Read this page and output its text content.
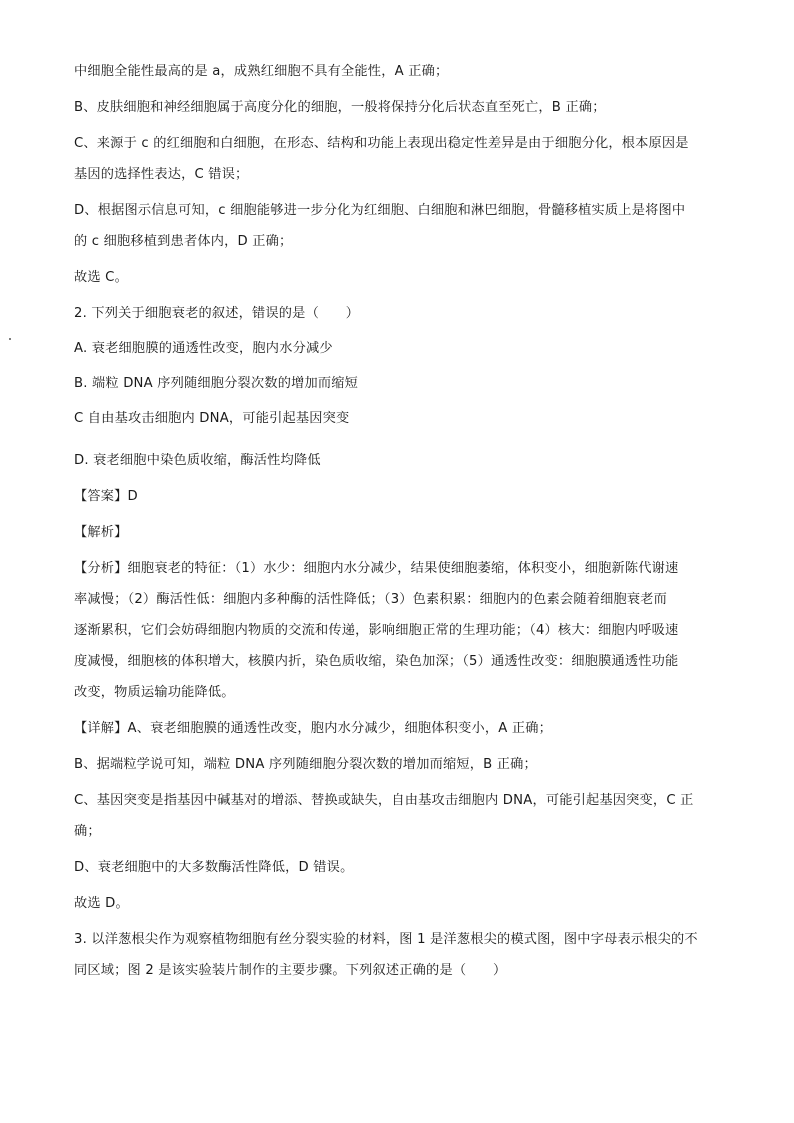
中细胞全能性最高的是 a，成熟红细胞不具有全能性，A 正确；
B、皮肤细胞和神经细胞属于高度分化的细胞，一般将保持分化后状态直至死亡，B 正确；
C、来源于 c 的红细胞和白细胞，在形态、结构和功能上表现出稳定性差异是由于细胞分化，根本原因是
基因的选择性表达，C 错误；
D、根据图示信息可知，c 细胞能够进一步分化为红细胞、白细胞和淋巴细胞，骨髓移植实质上是将图中
的 c 细胞移植到患者体内，D 正确；
故选 C。
2. 下列关于细胞衰老的叙述，错误的是（　　）
A. 衰老细胞膜的通透性改变，胞内水分减少
B. 端粒 DNA 序列随细胞分裂次数的增加而缩短
C 自由基攻击细胞内 DNA，可能引起基因突变
D. 衰老细胞中染色质收缩，酶活性均降低
【答案】D
【解析】
【分析】细胞衰老的特征：（1）水少：细胞内水分减少，结果使细胞萎缩，体积变小，细胞新陈代谢速
率减慢；（2）酶活性低：细胞内多种酶的活性降低；（3）色素积累：细胞内的色素会随着细胞衰老而
逐渐累积，它们会妨碍细胞内物质的交流和传递，影响细胞正常的生理功能；（4）核大：细胞内呼吸速
度减慢，细胞核的体积增大，核膜内折，染色质收缩，染色加深；（5）通透性改变：细胞膜通透性功能
改变，物质运输功能降低。
【详解】A、衰老细胞膜的通透性改变，胞内水分减少，细胞体积变小，A 正确；
B、据端粒学说可知，端粒 DNA 序列随细胞分裂次数的增加而缩短，B 正确；
C、基因突变是指基因中碱基对的增添、替换或缺失，自由基攻击细胞内 DNA，可能引起基因突变，C 正
确；
D、衰老细胞中的大多数酶活性降低，D 错误。
故选 D。
3. 以洋葱根尖作为观察植物细胞有丝分裂实验的材料，图 1 是洋葱根尖的模式图，图中字母表示根尖的不
同区域；图 2 是该实验装片制作的主要步骤。下列叙述正确的是（　　）
